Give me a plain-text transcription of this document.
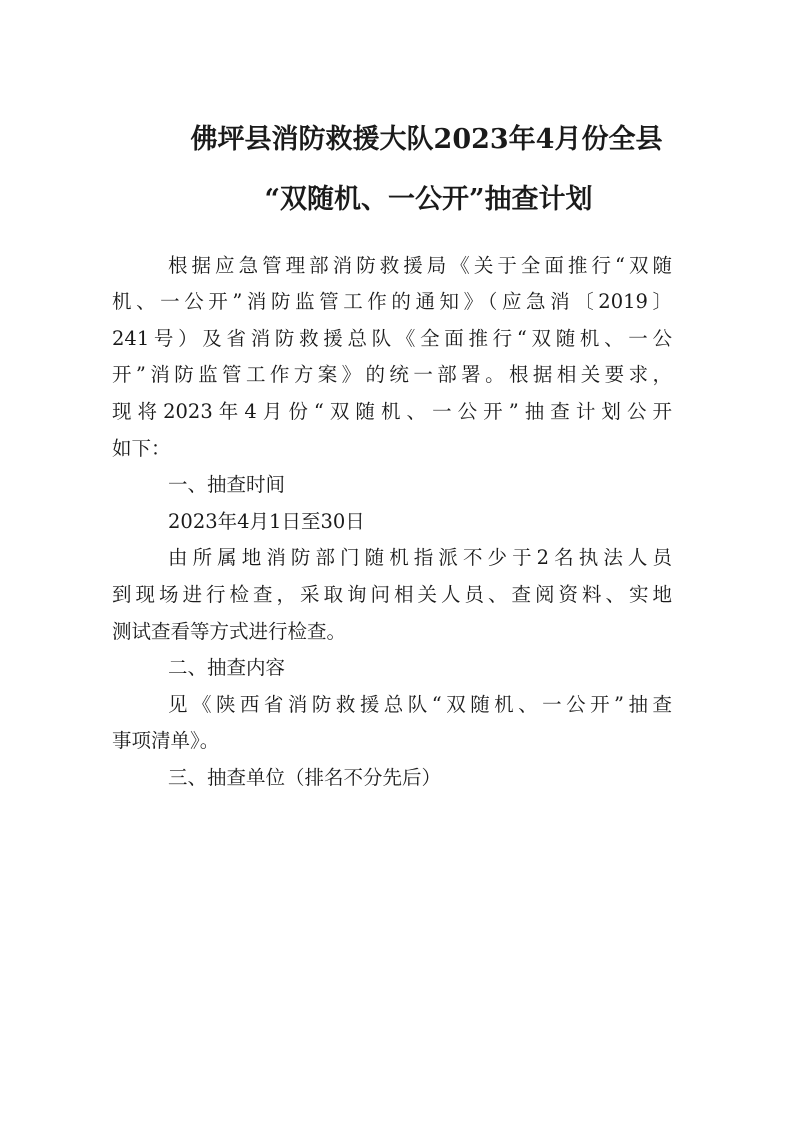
佛坪县消防救援大队2023年4月份全县
“双随机、一公开”抽查计划

根据应急管理部消防救援局《关于全面推行“双随

机、一公开”消防监管工作的通知》（应急消〔2019〕

241号）及省消防救援总队《全面推行“双随机、一公

开”消防监管工作方案》的统一部署。根据相关要求，

现将2023年4月份“双随机、一公开”抽查计划公开

如下：

一、抽查时间

2023年4月1日至30日

由所属地消防部门随机指派不少于2名执法人员

到现场进行检查，采取询问相关人员、查阅资料、实地

测试查看等方式进行检查。

二、抽查内容

见《陕西省消防救援总队“双随机、一公开”抽查

事项清单》。

三、抽查单位（排名不分先后）
